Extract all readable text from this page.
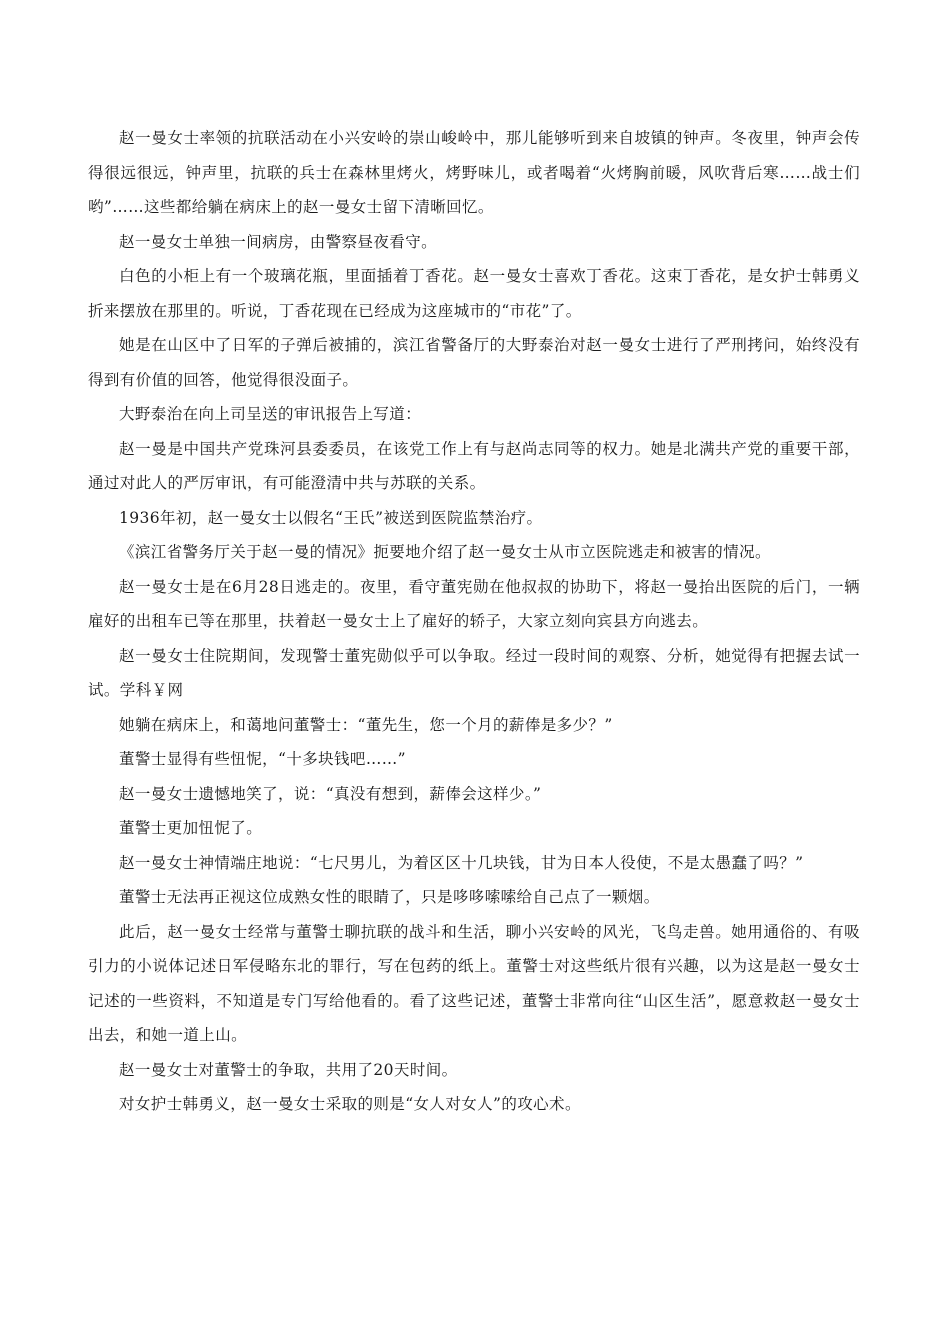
赵一曼女士率领的抗联活动在小兴安岭的崇山峻岭中，那儿能够听到来自坡镇的钟声。冬夜里，钟声会传得很远很远，钟声里，抗联的兵士在森林里烤火，烤野味儿，或者喝着“火烤胸前暖，风吹背后寒……战士们哟”……这些都给躺在病床上的赵一曼女士留下清晰回忆。

赵一曼女士单独一间病房，由警察昼夜看守。

白色的小柜上有一个玻璃花瓶，里面插着丁香花。赵一曼女士喜欢丁香花。这束丁香花，是女护士韩勇义折来摆放在那里的。听说，丁香花现在已经成为这座城市的“市花”了。

她是在山区中了日军的子弹后被捕的，滨江省警备厅的大野泰治对赵一曼女士进行了严刑拷问，始终没有得到有价值的回答，他觉得很没面子。

大野泰治在向上司呈送的审讯报告上写道：

赵一曼是中国共产党珠河县委委员，在该党工作上有与赵尚志同等的权力。她是北满共产党的重要干部，通过对此人的严厉审讯，有可能澄清中共与苏联的关系。

1936年初，赵一曼女士以假名“王氏”被送到医院监禁治疗。

《滨江省警务厅关于赵一曼的情况》扼要地介绍了赵一曼女士从市立医院逃走和被害的情况。

赵一曼女士是在6月28日逃走的。夜里，看守董宪勋在他叔叔的协助下，将赵一曼抬出医院的后门，一辆雇好的出租车已等在那里，扶着赵一曼女士上了雇好的轿子，大家立刻向宾县方向逃去。

赵一曼女士住院期间，发现警士董宪勋似乎可以争取。经过一段时间的观察、分析，她觉得有把握去试一试。学科￥网

她躺在病床上，和蔼地问董警士：“董先生，您一个月的薪俸是多少？”

董警士显得有些忸怩，“十多块钱吧……”

赵一曼女士遗憾地笑了，说：“真没有想到，薪俸会这样少。”

董警士更加忸怩了。

赵一曼女士神情端庄地说：“七尺男儿，为着区区十几块钱，甘为日本人役使，不是太愚蠢了吗？”

董警士无法再正视这位成熟女性的眼睛了，只是哆哆嗦嗦给自己点了一颗烟。

此后，赵一曼女士经常与董警士聊抗联的战斗和生活，聊小兴安岭的风光，飞鸟走兽。她用通俗的、有吸引力的小说体记述日军侵略东北的罪行，写在包药的纸上。董警士对这些纸片很有兴趣，以为这是赵一曼女士记述的一些资料，不知道是专门写给他看的。看了这些记述，董警士非常向往“山区生活”，愿意救赵一曼女士出去，和她一道上山。

赵一曼女士对董警士的争取，共用了20天时间。

对女护士韩勇义，赵一曼女士采取的则是“女人对女人”的攻心术。
